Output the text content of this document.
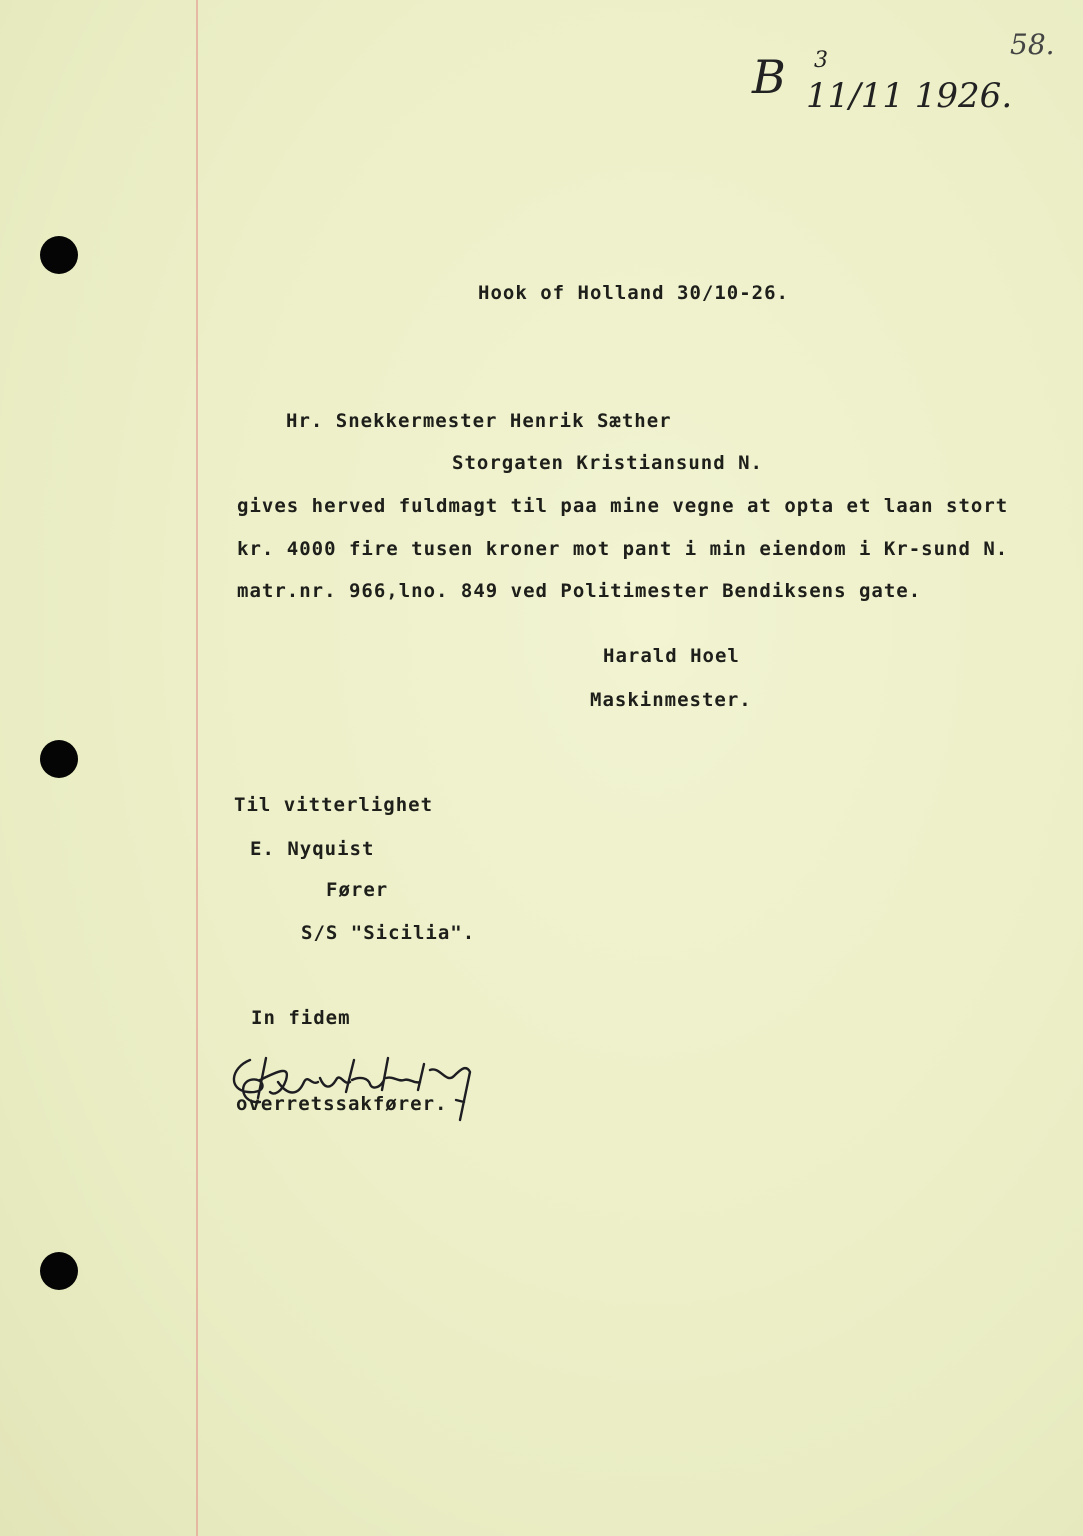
58.
B 3
11/11 1926.
Hook of Holland 30/10-26.
Hr. Snekkermester Henrik Sæther
Storgaten Kristiansund N.
gives herved fuldmagt til paa mine vegne at opta et laan stort
kr. 4000 fire tusen kroner mot pant i min eiendom i Kr-sund N.
matr.nr. 966,lno. 849 ved Politimester Bendiksens gate.
Harald Hoel
Maskinmester.
Til vitterlighet
E. Nyquist
Fører
S/S "Sicilia".
In fidem
overretssakfører.
